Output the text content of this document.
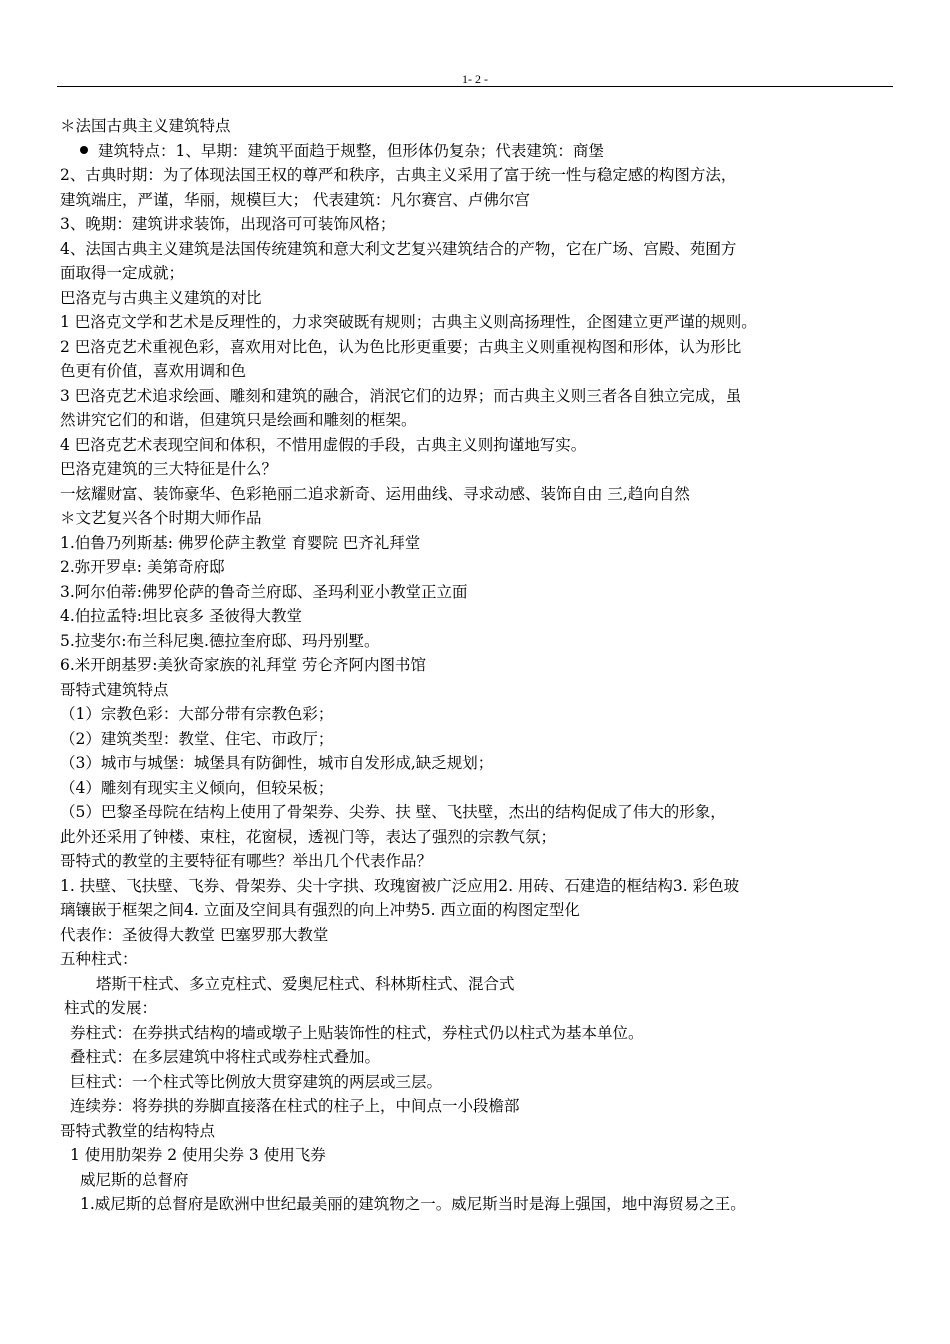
1- 2 -
＊法国古典主义建筑特点
建筑特点：1、早期：建筑平面趋于规整，但形体仍复杂；代表建筑：商堡
2、古典时期：为了体现法国王权的尊严和秩序，古典主义采用了富于统一性与稳定感的构图方法，
建筑端庄，严谨，华丽，规模巨大； 代表建筑：凡尔赛宫、卢佛尔宫
3、晚期：建筑讲求装饰，出现洛可可装饰风格；
4、法国古典主义建筑是法国传统建筑和意大利文艺复兴建筑结合的产物，它在广场、宫殿、苑囿方
面取得一定成就；
巴洛克与古典主义建筑的对比
1 巴洛克文学和艺术是反理性的，力求突破既有规则；古典主义则高扬理性，企图建立更严谨的规则。
2 巴洛克艺术重视色彩，喜欢用对比色，认为色比形更重要；古典主义则重视构图和形体，认为形比
色更有价值，喜欢用调和色
3 巴洛克艺术追求绘画、雕刻和建筑的融合，消泯它们的边界；而古典主义则三者各自独立完成，虽
然讲究它们的和谐，但建筑只是绘画和雕刻的框架。
4 巴洛克艺术表现空间和体积，不惜用虚假的手段，古典主义则拘谨地写实。
巴洛克建筑的三大特征是什么？
一炫耀财富、装饰豪华、色彩艳丽二追求新奇、运用曲线、寻求动感、装饰自由 三,趋向自然
＊文艺复兴各个时期大师作品
1.伯鲁乃列斯基: 佛罗伦萨主教堂 育婴院 巴齐礼拜堂
2.弥开罗卓: 美第奇府邸
3.阿尔伯蒂:佛罗伦萨的鲁奇兰府邸、圣玛利亚小教堂正立面
4.伯拉孟特:坦比哀多 圣彼得大教堂
5.拉斐尔:布兰科尼奥.德拉奎府邸、玛丹别墅。
6.米开朗基罗:美狄奇家族的礼拜堂 劳仑齐阿内图书馆
哥特式建筑特点
（1）宗教色彩：大部分带有宗教色彩；
（2）建筑类型：教堂、住宅、市政厅；
（3）城市与城堡：城堡具有防御性，城市自发形成,缺乏规划；
（4）雕刻有现实主义倾向，但较呆板；
（5）巴黎圣母院在结构上使用了骨架券、尖券、扶 壁、飞扶壁，杰出的结构促成了伟大的形象，
此外还采用了钟楼、束柱，花窗棂，透视门等，表达了强烈的宗教气氛；
哥特式的教堂的主要特征有哪些？举出几个代表作品？
1. 扶壁、飞扶壁、飞券、骨架券、尖十字拱、玫瑰窗被广泛应用2. 用砖、石建造的框结构3. 彩色玻
璃镶嵌于框架之间4. 立面及空间具有强烈的向上冲势5. 西立面的构图定型化
代表作：圣彼得大教堂 巴塞罗那大教堂
五种柱式：
塔斯干柱式、多立克柱式、爱奥尼柱式、科林斯柱式、混合式
柱式的发展：
券柱式：在券拱式结构的墙或墩子上贴装饰性的柱式，券柱式仍以柱式为基本单位。
叠柱式：在多层建筑中将柱式或券柱式叠加。
巨柱式：一个柱式等比例放大贯穿建筑的两层或三层。
连续券：将券拱的券脚直接落在柱式的柱子上，中间点一小段檐部
哥特式教堂的结构特点
1 使用肋架券 2 使用尖券 3 使用飞券
威尼斯的总督府
1.威尼斯的总督府是欧洲中世纪最美丽的建筑物之一。威尼斯当时是海上强国，地中海贸易之王。
